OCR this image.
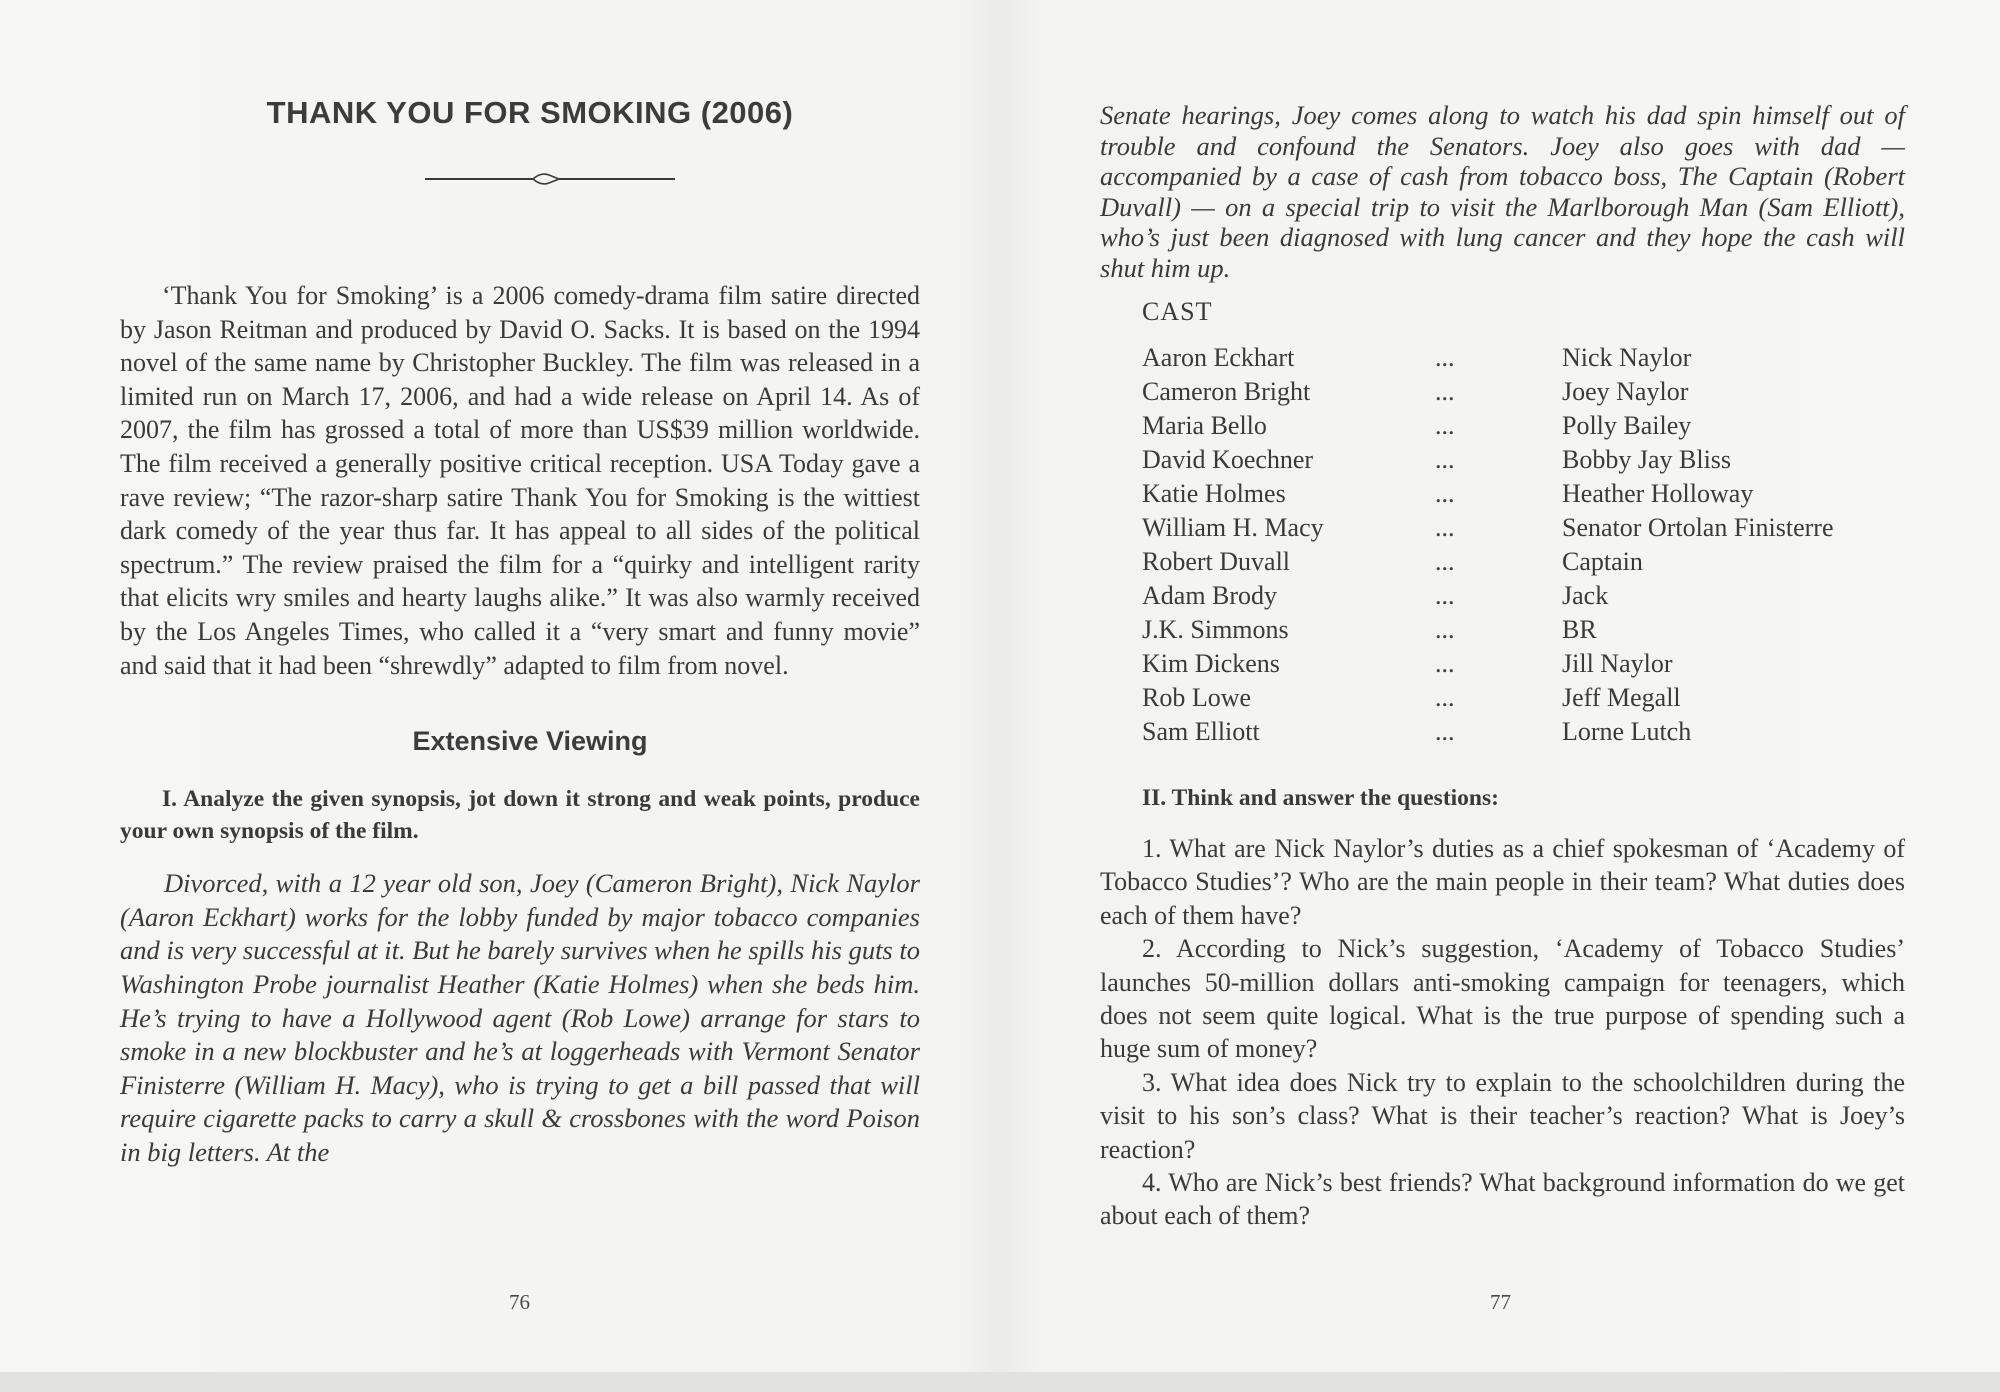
THANK YOU FOR SMOKING (2006)

‘Thank You for Smoking’ is a 2006 comedy-drama film satire directed by Jason Reitman and produced by David O. Sacks. It is based on the 1994 novel of the same name by Christopher Buckley. The film was released in a limited run on March 17, 2006, and had a wide release on April 14. As of 2007, the film has grossed a total of more than US$39 million worldwide. The film received a generally positive critical reception. USA Today gave a rave review; “The razor-sharp satire Thank You for Smoking is the wittiest dark comedy of the year thus far. It has appeal to all sides of the political spectrum.” The review praised the film for a “quirky and intelligent rarity that elicits wry smiles and hearty laughs alike.” It was also warmly received by the Los Angeles Times, who called it a “very smart and funny movie” and said that it had been “shrewdly” adapted to film from novel.

Extensive Viewing

I. Analyze the given synopsis, jot down it strong and weak points, produce your own synopsis of the film.

Divorced, with a 12 year old son, Joey (Cameron Bright), Nick Naylor (Aaron Eckhart) works for the lobby funded by major tobacco companies and is very successful at it. But he barely survives when he spills his guts to Washington Probe journalist Heather (Katie Holmes) when she beds him. He’s trying to have a Hollywood agent (Rob Lowe) arrange for stars to smoke in a new blockbuster and he’s at loggerheads with Vermont Senator Finisterre (William H. Macy), who is trying to get a bill passed that will require cigarette packs to carry a skull & crossbones with the word Poison in big letters. At the

76

Senate hearings, Joey comes along to watch his dad spin himself out of trouble and confound the Senators. Joey also goes with dad — accompanied by a case of cash from tobacco boss, The Captain (Robert Duvall) — on a special trip to visit the Marlborough Man (Sam Elliott), who’s just been diagnosed with lung cancer and they hope the cash will shut him up.

CAST
Aaron Eckhart	...	Nick Naylor
Cameron Bright	...	Joey Naylor
Maria Bello	...	Polly Bailey
David Koechner	...	Bobby Jay Bliss
Katie Holmes	...	Heather Holloway
William H. Macy	...	Senator Ortolan Finisterre
Robert Duvall	...	Captain
Adam Brody	...	Jack
J.K. Simmons	...	BR
Kim Dickens	...	Jill Naylor
Rob Lowe	...	Jeff Megall
Sam Elliott	...	Lorne Lutch
II. Think and answer the questions:

1. What are Nick Naylor’s duties as a chief spokesman of ‘Academy of Tobacco Studies’? Who are the main people in their team? What duties does each of them have?

2. According to Nick’s suggestion, ‘Academy of Tobacco Studies’ launches 50-million dollars anti-smoking campaign for teenagers, which does not seem quite logical. What is the true purpose of spending such a huge sum of money?

3. What idea does Nick try to explain to the schoolchildren during the visit to his son’s class? What is their teacher’s reaction? What is Joey’s reaction?

4. Who are Nick’s best friends? What background information do we get about each of them?

77
